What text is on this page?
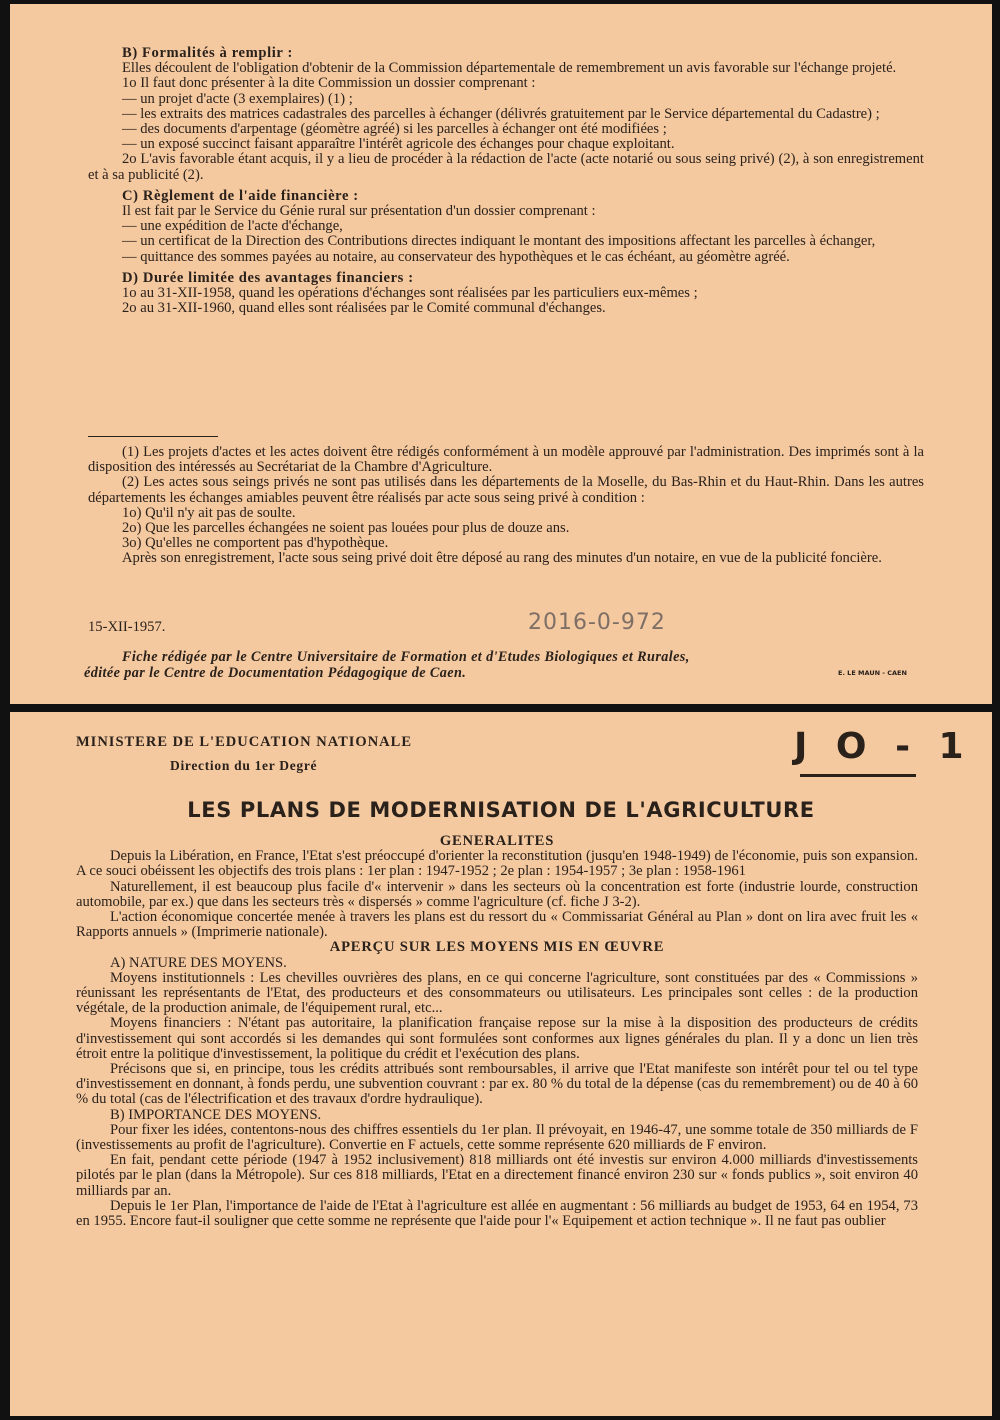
B) Formalités à remplir :

Elles découlent de l'obligation d'obtenir de la Commission départementale de remembrement un avis favorable sur l'échange projeté.

1o Il faut donc présenter à la dite Commission un dossier comprenant :

— un projet d'acte (3 exemplaires) (1) ;

— les extraits des matrices cadastrales des parcelles à échanger (délivrés gratuitement par le Service départemental du Cadastre) ;

— des documents d'arpentage (géomètre agréé) si les parcelles à échanger ont été modifiées ;

— un exposé succinct faisant apparaître l'intérêt agricole des échanges pour chaque exploitant.

2o L'avis favorable étant acquis, il y a lieu de procéder à la rédaction de l'acte (acte notarié ou sous seing privé) (2), à son enregistrement et à sa publicité (2).

C) Règlement de l'aide financière :

Il est fait par le Service du Génie rural sur présentation d'un dossier comprenant :

— une expédition de l'acte d'échange,

— un certificat de la Direction des Contributions directes indiquant le montant des impositions affectant les parcelles à échanger,

— quittance des sommes payées au notaire, au conservateur des hypothèques et le cas échéant, au géomètre agréé.

D) Durée limitée des avantages financiers :

1o au 31-XII-1958, quand les opérations d'échanges sont réalisées par les particuliers eux-mêmes ;

2o au 31-XII-1960, quand elles sont réalisées par le Comité communal d'échanges.

(1) Les projets d'actes et les actes doivent être rédigés conformément à un modèle approuvé par l'administration. Des imprimés sont à la disposition des intéressés au Secrétariat de la Chambre d'Agriculture.

(2) Les actes sous seings privés ne sont pas utilisés dans les départements de la Moselle, du Bas-Rhin et du Haut-Rhin. Dans les autres départements les échanges amiables peuvent être réalisés par acte sous seing privé à condition :

1o) Qu'il n'y ait pas de soulte.

2o) Que les parcelles échangées ne soient pas louées pour plus de douze ans.

3o) Qu'elles ne comportent pas d'hypothèque.

Après son enregistrement, l'acte sous seing privé doit être déposé au rang des minutes d'un notaire, en vue de la publicité foncière.

15-XII-1957.	2016-0-972
Fiche rédigée par le Centre Universitaire de Formation et d'Etudes Biologiques et Rurales,
éditée par le Centre de Documentation Pédagogique de Caen.	E. LE MAUN - CAEN
MINISTERE DE L'EDUCATION NATIONALE
Direction du 1er Degré	J O - 1
LES PLANS DE MODERNISATION DE L'AGRICULTURE

GENERALITES

Depuis la Libération, en France, l'Etat s'est préoccupé d'orienter la reconstitution (jusqu'en 1948-1949) de l'économie, puis son expansion. A ce souci obéissent les objectifs des trois plans : 1er plan : 1947-1952 ; 2e plan : 1954-1957 ; 3e plan : 1958-1961

Naturellement, il est beaucoup plus facile d'« intervenir » dans les secteurs où la concentration est forte (industrie lourde, construction automobile, par ex.) que dans les secteurs très « dispersés » comme l'agriculture (cf. fiche J 3-2).

L'action économique concertée menée à travers les plans est du ressort du « Commissariat Général au Plan » dont on lira avec fruit les « Rapports annuels » (Imprimerie nationale).

APERÇU SUR LES MOYENS MIS EN ŒUVRE

A) NATURE DES MOYENS.

Moyens institutionnels : Les chevilles ouvrières des plans, en ce qui concerne l'agriculture, sont constituées par des « Commissions » réunissant les représentants de l'Etat, des producteurs et des consommateurs ou utilisateurs. Les principales sont celles : de la production végétale, de la production animale, de l'équipement rural, etc...

Moyens financiers : N'étant pas autoritaire, la planification française repose sur la mise à la disposition des producteurs de crédits d'investissement qui sont accordés si les demandes qui sont formulées sont conformes aux lignes générales du plan. Il y a donc un lien très étroit entre la politique d'investissement, la politique du crédit et l'exécution des plans.

Précisons que si, en principe, tous les crédits attribués sont remboursables, il arrive que l'Etat manifeste son intérêt pour tel ou tel type d'investissement en donnant, à fonds perdu, une subvention couvrant : par ex. 80 % du total de la dépense (cas du remembrement) ou de 40 à 60 % du total (cas de l'électrification et des travaux d'ordre hydraulique).

B) IMPORTANCE DES MOYENS.

Pour fixer les idées, contentons-nous des chiffres essentiels du 1er plan. Il prévoyait, en 1946-47, une somme totale de 350 milliards de F (investissements au profit de l'agriculture). Convertie en F actuels, cette somme représente 620 milliards de F environ.

En fait, pendant cette période (1947 à 1952 inclusivement) 818 milliards ont été investis sur environ 4.000 milliards d'investissements pilotés par le plan (dans la Métropole). Sur ces 818 milliards, l'Etat en a directement financé environ 230 sur « fonds publics », soit environ 40 milliards par an.

Depuis le 1er Plan, l'importance de l'aide de l'Etat à l'agriculture est allée en augmentant : 56 milliards au budget de 1953, 64 en 1954, 73 en 1955. Encore faut-il souligner que cette somme ne représente que l'aide pour l'« Equipement et action technique ». Il ne faut pas oublier
